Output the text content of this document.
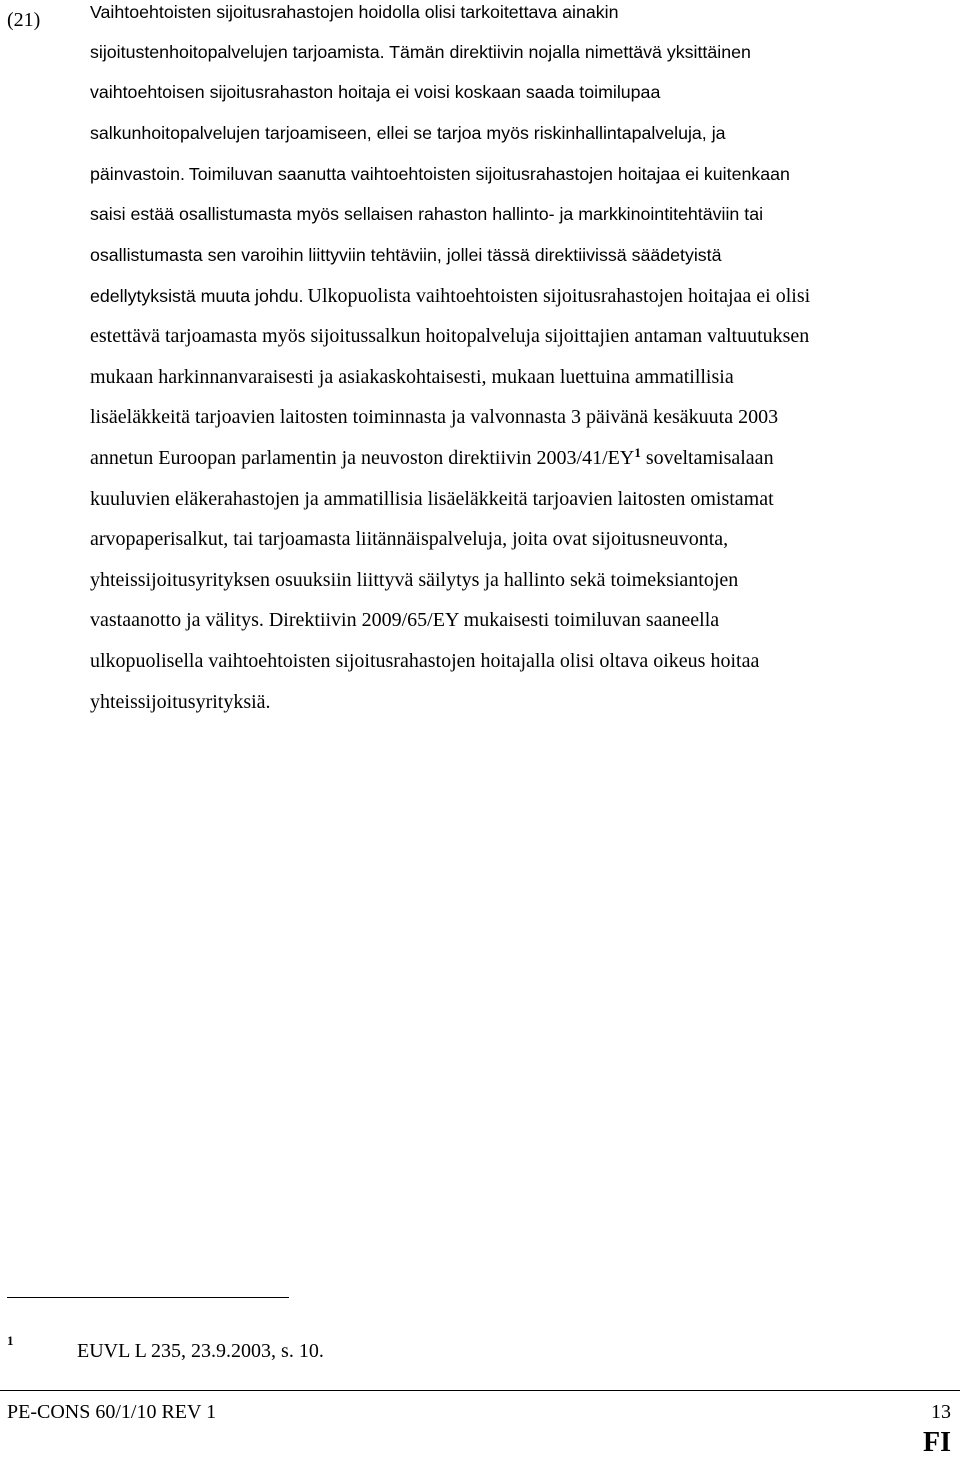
(21)	Vaihtoehtoisten sijoitusrahastojen hoidolla olisi tarkoitettava ainakin
sijoitustenhoitopalvelujen tarjoamista. Tämän direktiivin nojalla nimettävä yksittäinen
vaihtoehtoisen sijoitusrahaston hoitaja ei voisi koskaan saada toimilupaa
salkunhoitopalvelujen tarjoamiseen, ellei se tarjoa myös riskinhallintapalveluja, ja
päinvastoin. Toimiluvan saanutta vaihtoehtoisten sijoitusrahastojen hoitajaa ei kuitenkaan
saisi estää osallistumasta myös sellaisen rahaston hallinto- ja markkinointitehtäviin tai
osallistumasta sen varoihin liittyviin tehtäviin, jollei tässä direktiivissä säädetyistä
edellytyksistä muuta johdu. Ulkopuolista vaihtoehtoisten sijoitusrahastojen hoitajaa ei olisi
estettävä tarjoamasta myös sijoitussalkun hoitopalveluja sijoittajien antaman valtuutuksen
mukaan harkinnanvaraisesti ja asiakaskohtaisesti, mukaan luettuina ammatillisia
lisäeläkkeitä tarjoavien laitosten toiminnasta ja valvonnasta 3 päivänä kesäkuuta 2003
annetun Euroopan parlamentin ja neuvoston direktiivin $2003/41/EY^1$ soveltamisalaan
kuuluvien eläkerahastojen ja ammatillisia lisäeläkkeitä tarjoavien laitosten omistamat
arvopaperisalkut, tai tarjoamasta liitännäispalveluja, joita ovat sijoitusneuvonta,
yhteissijoitusyrityksen osuuksiin liittyvä säilytys ja hallinto sekä toimeksiantojen
vastaanotto ja välitys. Direktiivin 2009/65/EY mukaisesti toimiluvan saaneella
ulkopuolisella vaihtoehtoisten sijoitusrahastojen hoitajalla olisi oltava oikeus hoitaa
yhteissijoitusyrityksiä.
1	EUVL L 235, 23.9.2003, s. 10.
PE-CONS 60/1/10 REV 1	13
FI
